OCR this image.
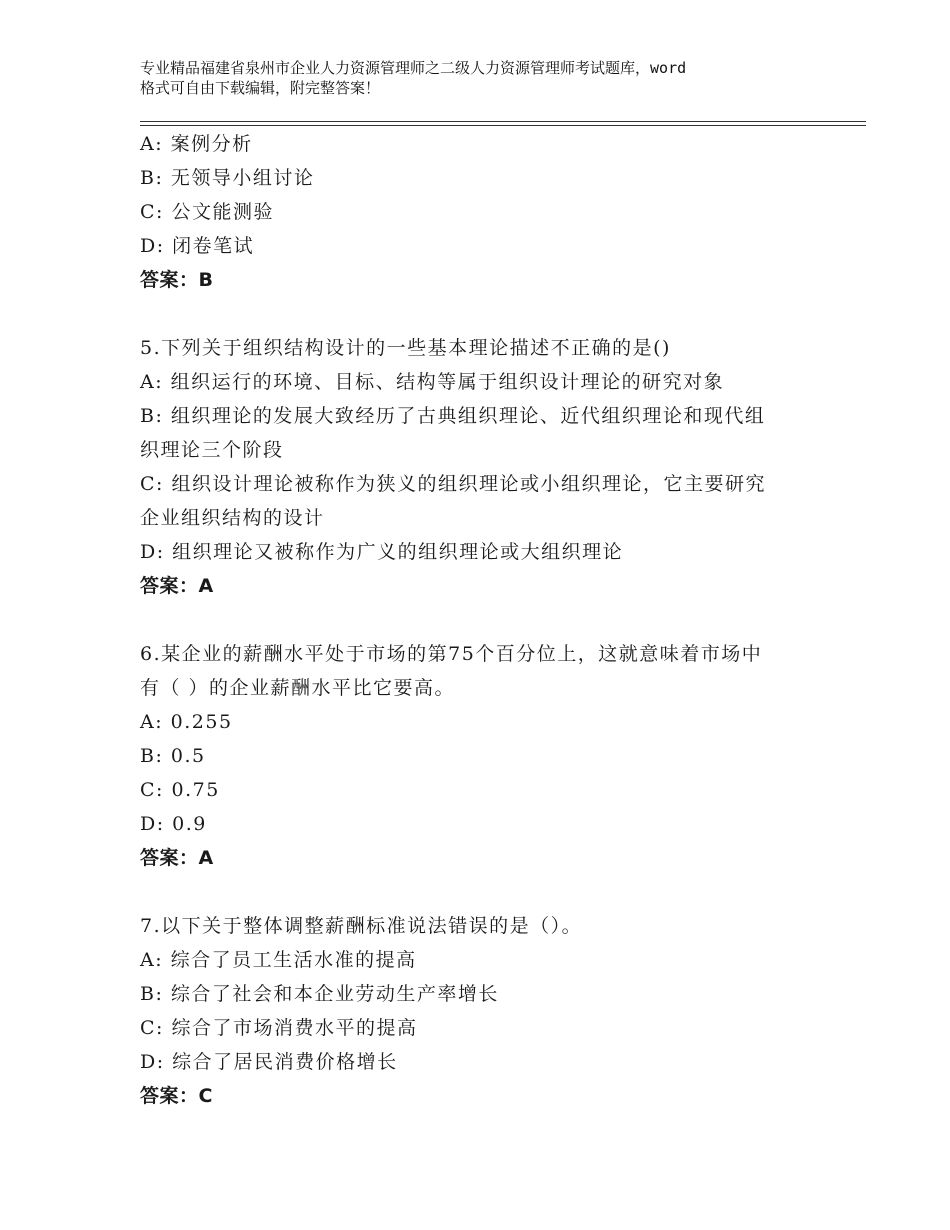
专业精品福建省泉州市企业人力资源管理师之二级人力资源管理师考试题库，word
格式可自由下载编辑，附完整答案！
A: 案例分析
B: 无领导小组讨论
C: 公文能测验
D: 闭卷笔试
答案：B
5.下列关于组织结构设计的一些基本理论描述不正确的是()
A: 组织运行的环境、目标、结构等属于组织设计理论的研究对象
B: 组织理论的发展大致经历了古典组织理论、近代组织理论和现代组
织理论三个阶段
C: 组织设计理论被称作为狭义的组织理论或小组织理论，它主要研究
企业组织结构的设计
D: 组织理论又被称作为广义的组织理论或大组织理论
答案：A
6.某企业的薪酬水平处于市场的第75个百分位上，这就意味着市场中
有（ ）的企业薪酬水平比它要高。
A: 0.255
B: 0.5
C: 0.75
D: 0.9
答案：A
7.以下关于整体调整薪酬标准说法错误的是（）。
A: 综合了员工生活水准的提高
B: 综合了社会和本企业劳动生产率增长
C: 综合了市场消费水平的提高
D: 综合了居民消费价格增长
答案：C
